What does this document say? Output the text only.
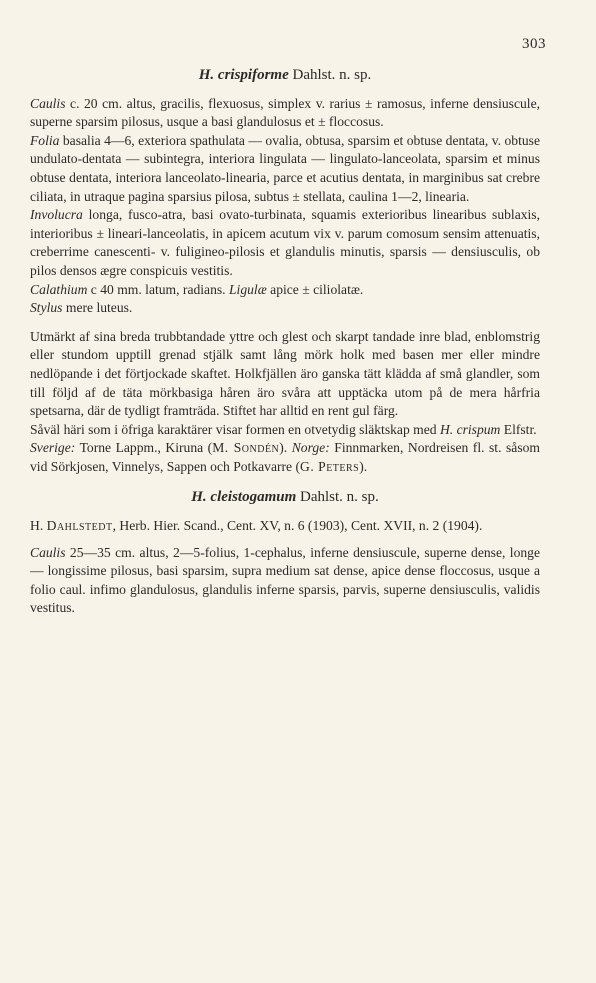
303

H. crispiforme Dahlst. n. sp.

Caulis c. 20 cm. altus, gracilis, flexuosus, simplex v. rarius ± ramosus, inferne densiuscule, superne sparsim pilosus, usque a basi glandulosus et ± floccosus.

Folia basalia 4—6, exteriora spathulata — ovalia, obtusa, sparsim et obtuse dentata, v. obtuse undulato-dentata — subintegra, interiora lingulata — lingulato-lanceolata, sparsim et minus obtuse dentata, interiora lanceolato-linearia, parce et acutius dentata, in marginibus sat crebre ciliata, in utraque pagina sparsius pilosa, subtus ± stellata, caulina 1—2, linearia.

Involucra longa, fusco-atra, basi ovato-turbinata, squamis exterioribus linearibus sublaxis, interioribus ± lineari-lanceolatis, in apicem acutum vix v. parum comosum sensim attenuatis, creberrime canescenti- v. fuligineo-pilosis et glandulis minutis, sparsis — densiusculis, ob pilos densos ægre conspicuis vestitis.

Calathium c 40 mm. latum, radians. Ligulæ apice ± ciliolatæ.

Stylus mere luteus.

Utmärkt af sina breda trubbtandade yttre och glest och skarpt tandade inre blad, enblomstrig eller stundom upptill grenad stjälk samt lång mörk holk med basen mer eller mindre nedlöpande i det förtjockade skaftet. Holkfjällen äro ganska tätt klädda af små glandler, som till följd af de täta mörkbasiga håren äro svåra att upptäcka utom på de mera hårfria spetsarna, där de tydligt framträda. Stiftet har alltid en rent gul färg.

Såväl häri som i öfriga karaktärer visar formen en otvetydig släktskap med H. crispum Elfstr.

Sverige: Torne Lappm., Kiruna (M. Sondén). Norge: Finnmarken, Nordreisen fl. st. såsom vid Sörkjosen, Vinnelys, Sappen och Potkavarre (G. Peters).

H. cleistogamum Dahlst. n. sp.

H. Dahlstedt, Herb. Hier. Scand., Cent. XV, n. 6 (1903), Cent. XVII, n. 2 (1904).

Caulis 25—35 cm. altus, 2—5-folius, 1-cephalus, inferne densiuscule, superne dense, longe — longissime pilosus, basi sparsim, supra medium sat dense, apice dense floccosus, usque a folio caul. infimo glandulosus, glandulis inferne sparsis, parvis, superne densiusculis, validis vestitus.
